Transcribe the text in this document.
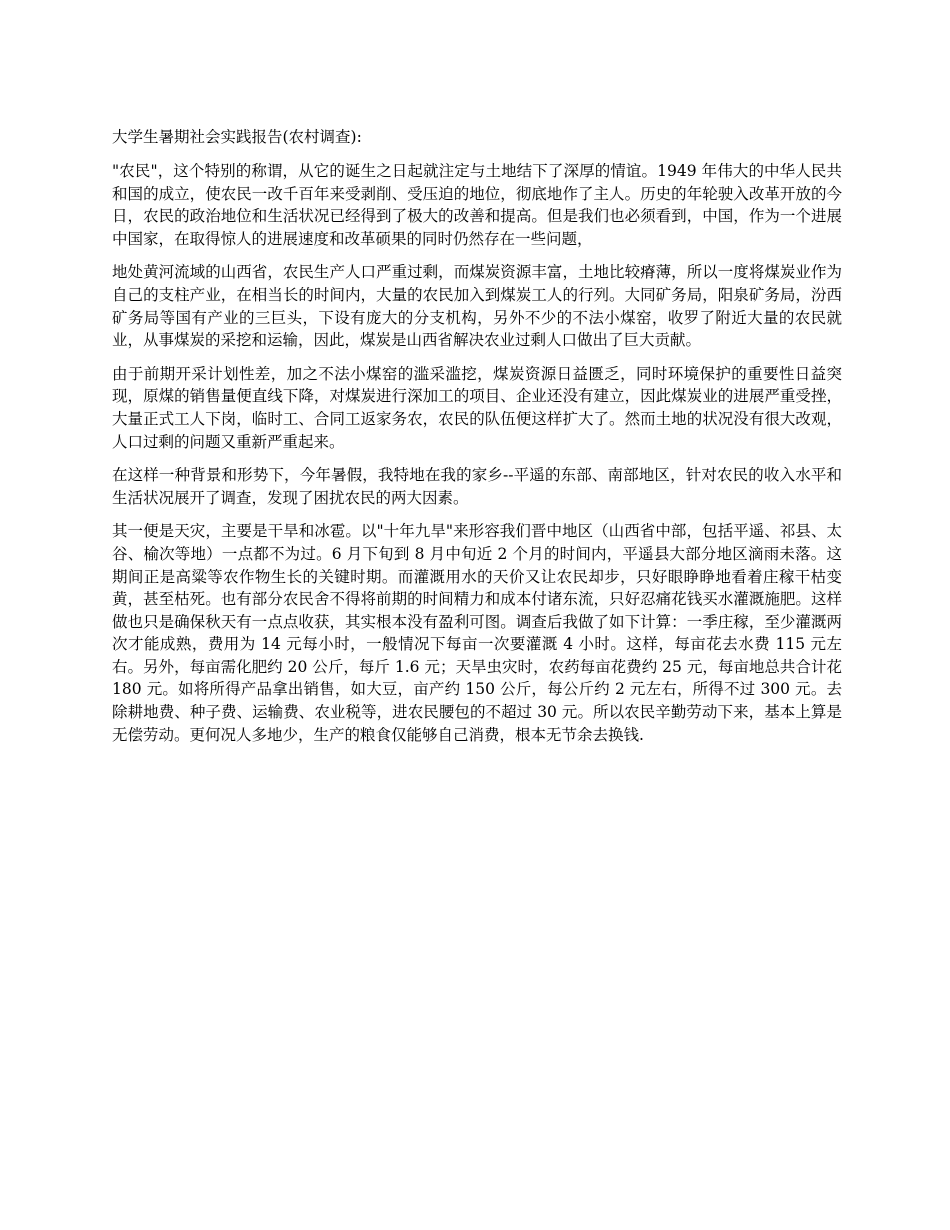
大学生暑期社会实践报告(农村调查):

"农民"，这个特别的称谓，从它的诞生之日起就注定与土地结下了深厚的情谊。1949 年伟大的中华人民共和国的成立，使农民一改千百年来受剥削、受压迫的地位，彻底地作了主人。历史的年轮驶入改革开放的今日，农民的政治地位和生活状况已经得到了极大的改善和提高。但是我们也必须看到，中国，作为一个进展中国家，在取得惊人的进展速度和改革硕果的同时仍然存在一些问题，

地处黄河流域的山西省，农民生产人口严重过剩，而煤炭资源丰富，土地比较瘠薄，所以一度将煤炭业作为自己的支柱产业，在相当长的时间内，大量的农民加入到煤炭工人的行列。大同矿务局，阳泉矿务局，汾西矿务局等国有产业的三巨头，下设有庞大的分支机构，另外不少的不法小煤窑，收罗了附近大量的农民就业，从事煤炭的采挖和运输，因此，煤炭是山西省解决农业过剩人口做出了巨大贡献。

由于前期开采计划性差，加之不法小煤窑的滥采滥挖，煤炭资源日益匮乏，同时环境保护的重要性日益突现，原煤的销售量便直线下降，对煤炭进行深加工的项目、企业还没有建立，因此煤炭业的进展严重受挫，大量正式工人下岗，临时工、合同工返家务农，农民的队伍便这样扩大了。然而土地的状况没有很大改观，人口过剩的问题又重新严重起来。

在这样一种背景和形势下，今年暑假，我特地在我的家乡--平遥的东部、南部地区，针对农民的收入水平和生活状况展开了调查，发现了困扰农民的两大因素。

其一便是天灾，主要是干旱和冰雹。以"十年九旱"来形容我们晋中地区（山西省中部，包括平遥、祁县、太谷、榆次等地）一点都不为过。6 月下旬到 8 月中旬近 2 个月的时间内，平遥县大部分地区滴雨未落。这期间正是高粱等农作物生长的关键时期。而灌溉用水的天价又让农民却步，只好眼睁睁地看着庄稼干枯变黄，甚至枯死。也有部分农民舍不得将前期的时间精力和成本付诸东流，只好忍痛花钱买水灌溉施肥。这样做也只是确保秋天有一点点收获，其实根本没有盈利可图。调查后我做了如下计算：一季庄稼，至少灌溉两次才能成熟，费用为 14 元每小时，一般情况下每亩一次要灌溉 4 小时。这样，每亩花去水费 115 元左右。另外，每亩需化肥约 20 公斤，每斤 1.6 元；天旱虫灾时，农药每亩花费约 25 元，每亩地总共合计花 180 元。如将所得产品拿出销售，如大豆，亩产约 150 公斤，每公斤约 2 元左右，所得不过 300 元。去除耕地费、种子费、运输费、农业税等，进农民腰包的不超过 30 元。所以农民辛勤劳动下来，基本上算是无偿劳动。更何况人多地少，生产的粮食仅能够自己消费，根本无节余去换钱.
